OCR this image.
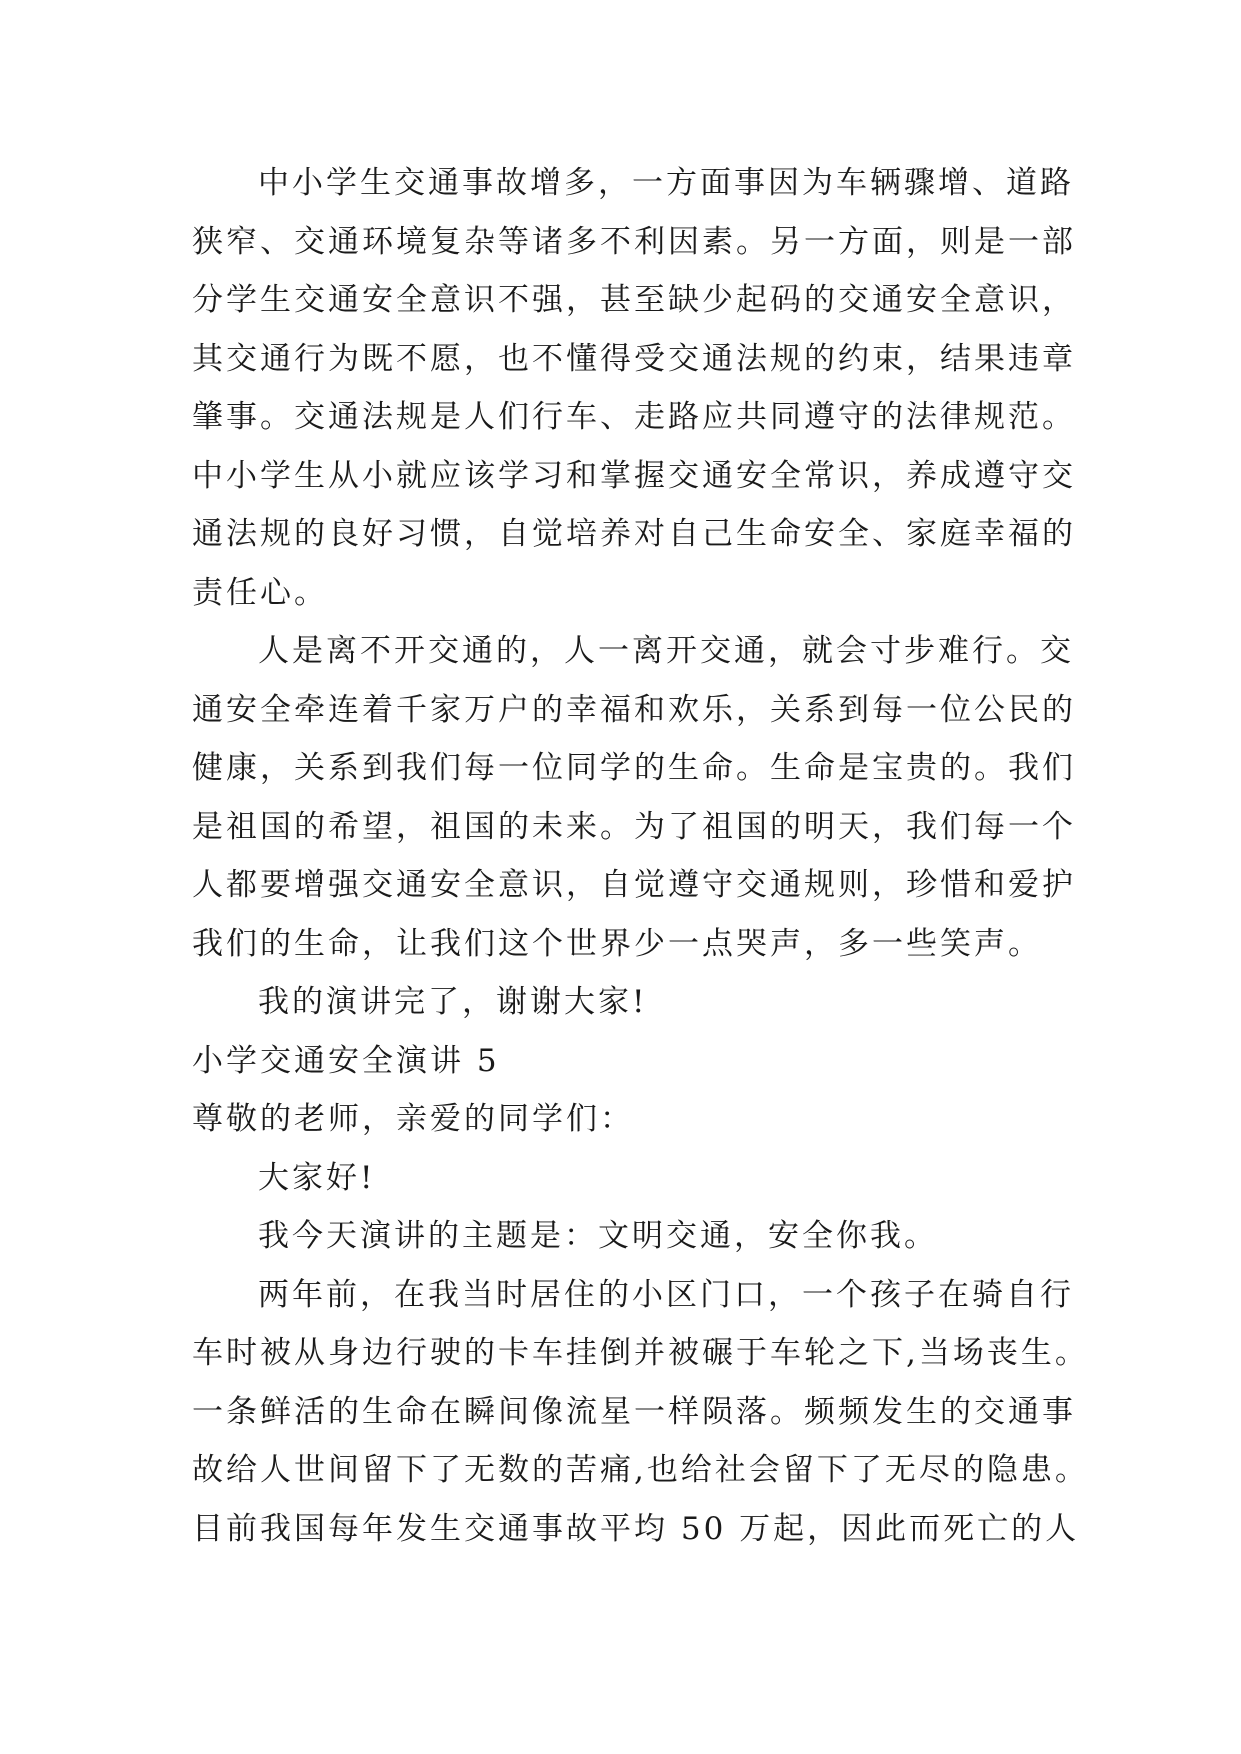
中小学生交通事故增多，一方面事因为车辆骤增、道路
狭窄、交通环境复杂等诸多不利因素。另一方面，则是一部
分学生交通安全意识不强，甚至缺少起码的交通安全意识，
其交通行为既不愿，也不懂得受交通法规的约束，结果违章
肇事。交通法规是人们行车、走路应共同遵守的法律规范。
中小学生从小就应该学习和掌握交通安全常识，养成遵守交
通法规的良好习惯，自觉培养对自己生命安全、家庭幸福的
责任心。
人是离不开交通的，人一离开交通，就会寸步难行。交
通安全牵连着千家万户的幸福和欢乐，关系到每一位公民的
健康，关系到我们每一位同学的生命。生命是宝贵的。我们
是祖国的希望，祖国的未来。为了祖国的明天，我们每一个
人都要增强交通安全意识，自觉遵守交通规则，珍惜和爱护
我们的生命，让我们这个世界少一点哭声，多一些笑声。
我的演讲完了，谢谢大家!
小学交通安全演讲 5
尊敬的老师，亲爱的同学们：
大家好!
我今天演讲的主题是：文明交通，安全你我。
两年前，在我当时居住的小区门口，一个孩子在骑自行
车时被从身边行驶的卡车挂倒并被碾于车轮之下,当场丧生。
一条鲜活的生命在瞬间像流星一样陨落。频频发生的交通事
故给人世间留下了无数的苦痛,也给社会留下了无尽的隐患。
目前我国每年发生交通事故平均 50 万起，因此而死亡的人
